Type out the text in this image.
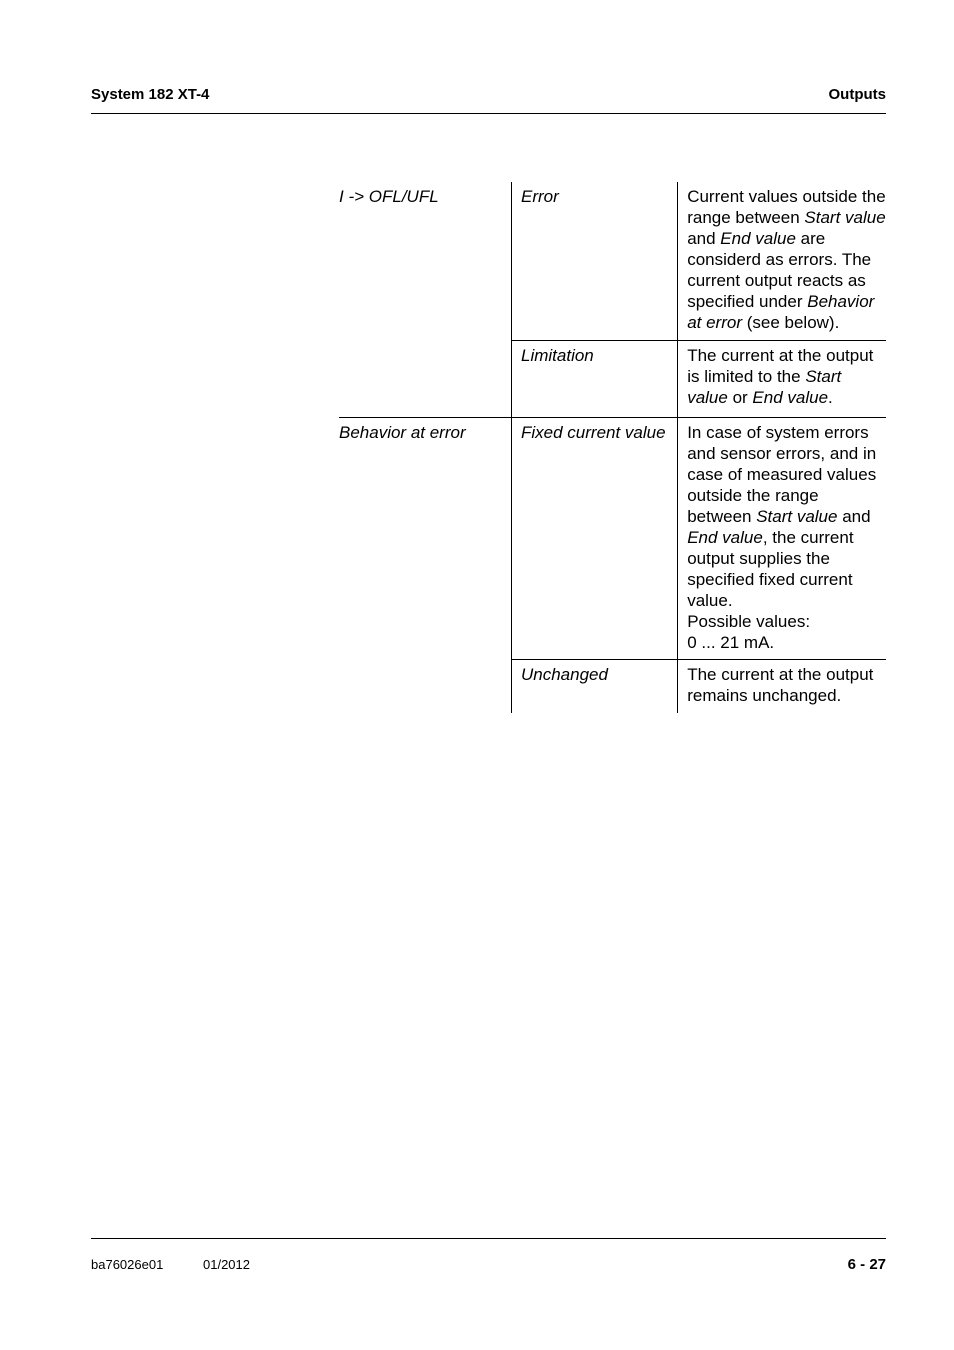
System 182 XT-4	Outputs
I -> OFL/UFL	Error	Current values outside the range between Start value and End value are considerd as errors. The current output reacts as specified under Behavior at error (see below).
	Limitation	The current at the output is limited to the Start value or End value.
Behavior at error	Fixed current value	In case of system errors and sensor errors, and in case of measured values outside the range between Start value and End value, the current output supplies the specified fixed current value.
Possible values:
0 ... 21 mA.
	Unchanged	The current at the output remains unchanged.
ba76026e01	01/2012	6 - 27
